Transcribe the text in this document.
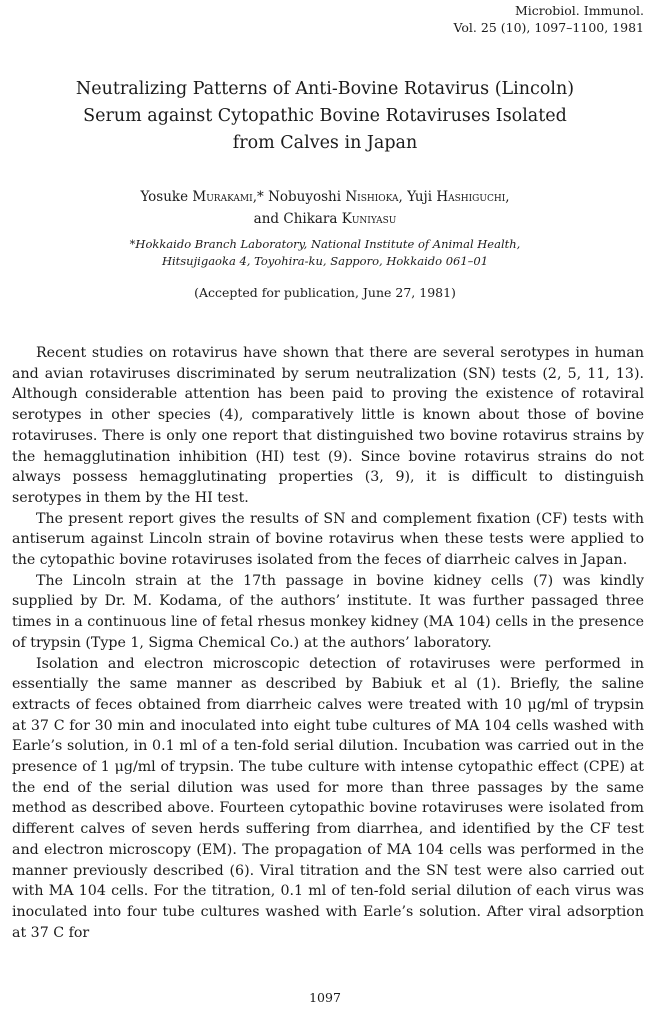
Microbiol. Immunol.
Vol. 25 (10), 1097–1100, 1981
Neutralizing Patterns of Anti-Bovine Rotavirus (Lincoln)
Serum against Cytopathic Bovine Rotaviruses Isolated
from Calves in Japan
Yosuke Murakami,* Nobuyoshi Nishioka, Yuji Hashiguchi,
and Chikara Kuniyasu
*Hokkaido Branch Laboratory, National Institute of Animal Health,
Hitsujigaoka 4, Toyohira-ku, Sapporo, Hokkaido 061–01
(Accepted for publication, June 27, 1981)

Recent studies on rotavirus have shown that there are several serotypes in human and avian rotaviruses discriminated by serum neutralization (SN) tests (2, 5, 11, 13). Although considerable attention has been paid to proving the existence of rotaviral serotypes in other species (4), comparatively little is known about those of bovine rotaviruses. There is only one report that distinguished two bovine rotavirus strains by the hemagglutination inhibition (HI) test (9). Since bovine rotavirus strains do not always possess hemagglutinating properties (3, 9), it is difficult to distinguish serotypes in them by the HI test.

The present report gives the results of SN and complement fixation (CF) tests with antiserum against Lincoln strain of bovine rotavirus when these tests were applied to the cytopathic bovine rotaviruses isolated from the feces of diarrheic calves in Japan.

The Lincoln strain at the 17th passage in bovine kidney cells (7) was kindly supplied by Dr. M. Kodama, of the authors’ institute. It was further passaged three times in a continuous line of fetal rhesus monkey kidney (MA 104) cells in the presence of trypsin (Type 1, Sigma Chemical Co.) at the authors’ laboratory.

Isolation and electron microscopic detection of rotaviruses were performed in essentially the same manner as described by Babiuk et al (1). Briefly, the saline extracts of feces obtained from diarrheic calves were treated with 10 μg/ml of trypsin at 37 C for 30 min and inoculated into eight tube cultures of MA 104 cells washed with Earle’s solution, in 0.1 ml of a ten-fold serial dilution. Incubation was carried out in the presence of 1 μg/ml of trypsin. The tube culture with intense cytopathic effect (CPE) at the end of the serial dilution was used for more than three passages by the same method as described above. Fourteen cytopathic bovine rotaviruses were isolated from different calves of seven herds suffering from diarrhea, and identified by the CF test and electron microscopy (EM). The propagation of MA 104 cells was performed in the manner previously described (6). Viral titration and the SN test were also carried out with MA 104 cells. For the titration, 0.1 ml of ten-fold serial dilution of each virus was inoculated into four tube cultures washed with Earle’s solution. After viral adsorption at 37 C for

1097
